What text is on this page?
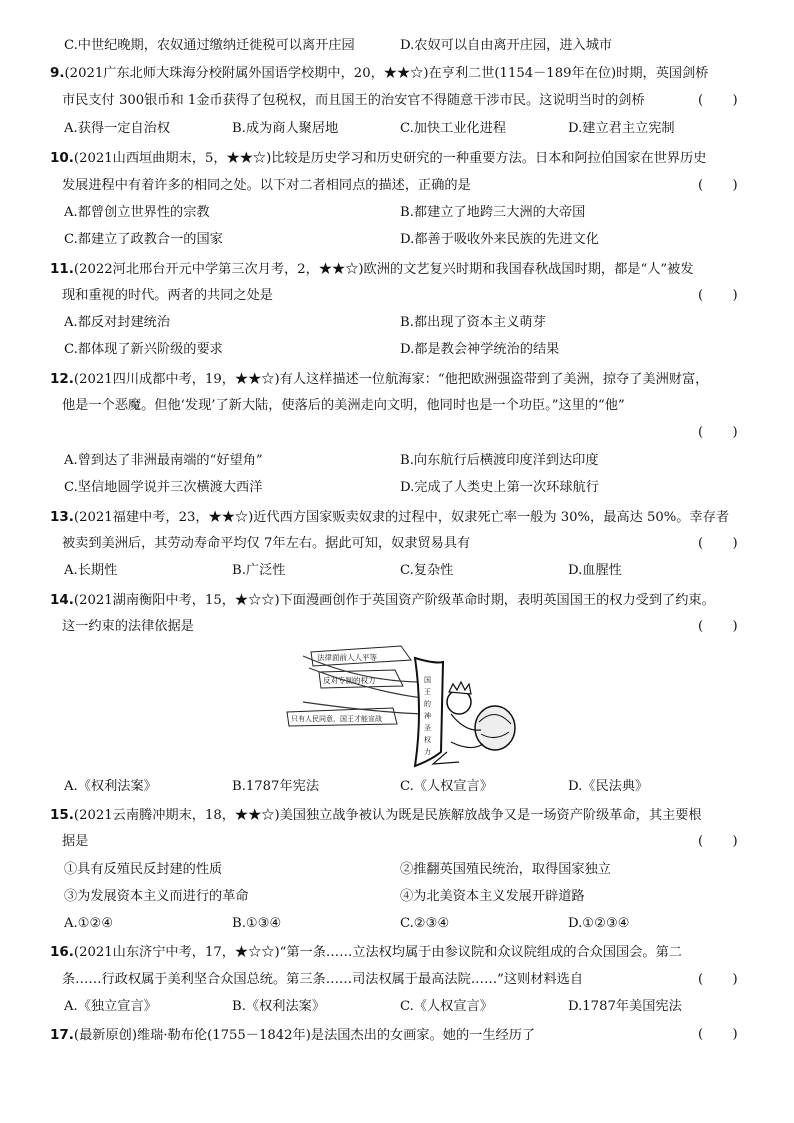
C.中世纪晚期，农奴通过缴纳迁徙税可以离开庄园	D.农奴可以自由离开庄园，进入城市
9.(2021广东北师大珠海分校附属外国语学校期中，20，★★☆)在亨利二世(1154－189年在位)时期，英国剑桥
市民支付 300银币和 1金币获得了包税权，而且国王的治安官不得随意干涉市民。这说明当时的剑桥	(       )
A.获得一定自治权	B.成为商人聚居地	C.加快工业化进程	D.建立君主立宪制
10.(2021山西垣曲期末，5，★★☆)比较是历史学习和历史研究的一种重要方法。日本和阿拉伯国家在世界历史
发展进程中有着许多的相同之处。以下对二者相同点的描述，正确的是	(       )
A.都曾创立世界性的宗教	B.都建立了地跨三大洲的大帝国
C.都建立了政教合一的国家	D.都善于吸收外来民族的先进文化
11.(2022河北邢台开元中学第三次月考，2，★★☆)欧洲的文艺复兴时期和我国春秋战国时期，都是“人”被发
现和重视的时代。两者的共同之处是	(       )
A.都反对封建统治	B.都出现了资本主义萌芽
C.都体现了新兴阶级的要求	D.都是教会神学统治的结果
12.(2021四川成都中考，19，★★☆)有人这样描述一位航海家：“他把欧洲强盗带到了美洲，掠夺了美洲财富，
他是一个恶魔。但他‘发现’了新大陆，使落后的美洲走向文明，他同时也是一个功臣。”这里的“他”
(       )
A.曾到达了非洲最南端的“好望角”	B.向东航行后横渡印度洋到达印度
C.坚信地圆学说并三次横渡大西洋	D.完成了人类史上第一次环球航行
13.(2021福建中考，23，★★☆)近代西方国家贩卖奴隶的过程中，奴隶死亡率一般为 30%，最高达 50%。幸存者
被卖到美洲后，其劳动寿命平均仅 7年左右。据此可知，奴隶贸易具有	(       )
A.长期性	B.广泛性	C.复杂性	D.血腥性
14.(2021湖南衡阳中考，15，★☆☆)下面漫画创作于英国资产阶级革命时期，表明英国国王的权力受到了约束。
这一约束的法律依据是	(       )
法律面前人人平等
反对专制的权力
只有人民同意，国王才能宣战
国王的神圣权力
A.《权利法案》	B.1787年宪法	C.《人权宣言》	D.《民法典》
15.(2021云南腾冲期末，18，★★☆)美国独立战争被认为既是民族解放战争又是一场资产阶级革命，其主要根
据是	(       )
①具有反殖民反封建的性质	②推翻英国殖民统治，取得国家独立
③为发展资本主义而进行的革命	④为北美资本主义发展开辟道路
A.①②④	B.①③④	C.②③④	D.①②③④
16.(2021山东济宁中考，17，★☆☆)“第一条……立法权均属于由参议院和众议院组成的合众国国会。第二
条……行政权属于美利坚合众国总统。第三条……司法权属于最高法院……”这则材料选自	(       )
A.《独立宣言》	B.《权利法案》	C.《人权宣言》	D.1787年美国宪法
17.(最新原创)维瑞·勒布伦(1755－1842年)是法国杰出的女画家。她的一生经历了	(       )
